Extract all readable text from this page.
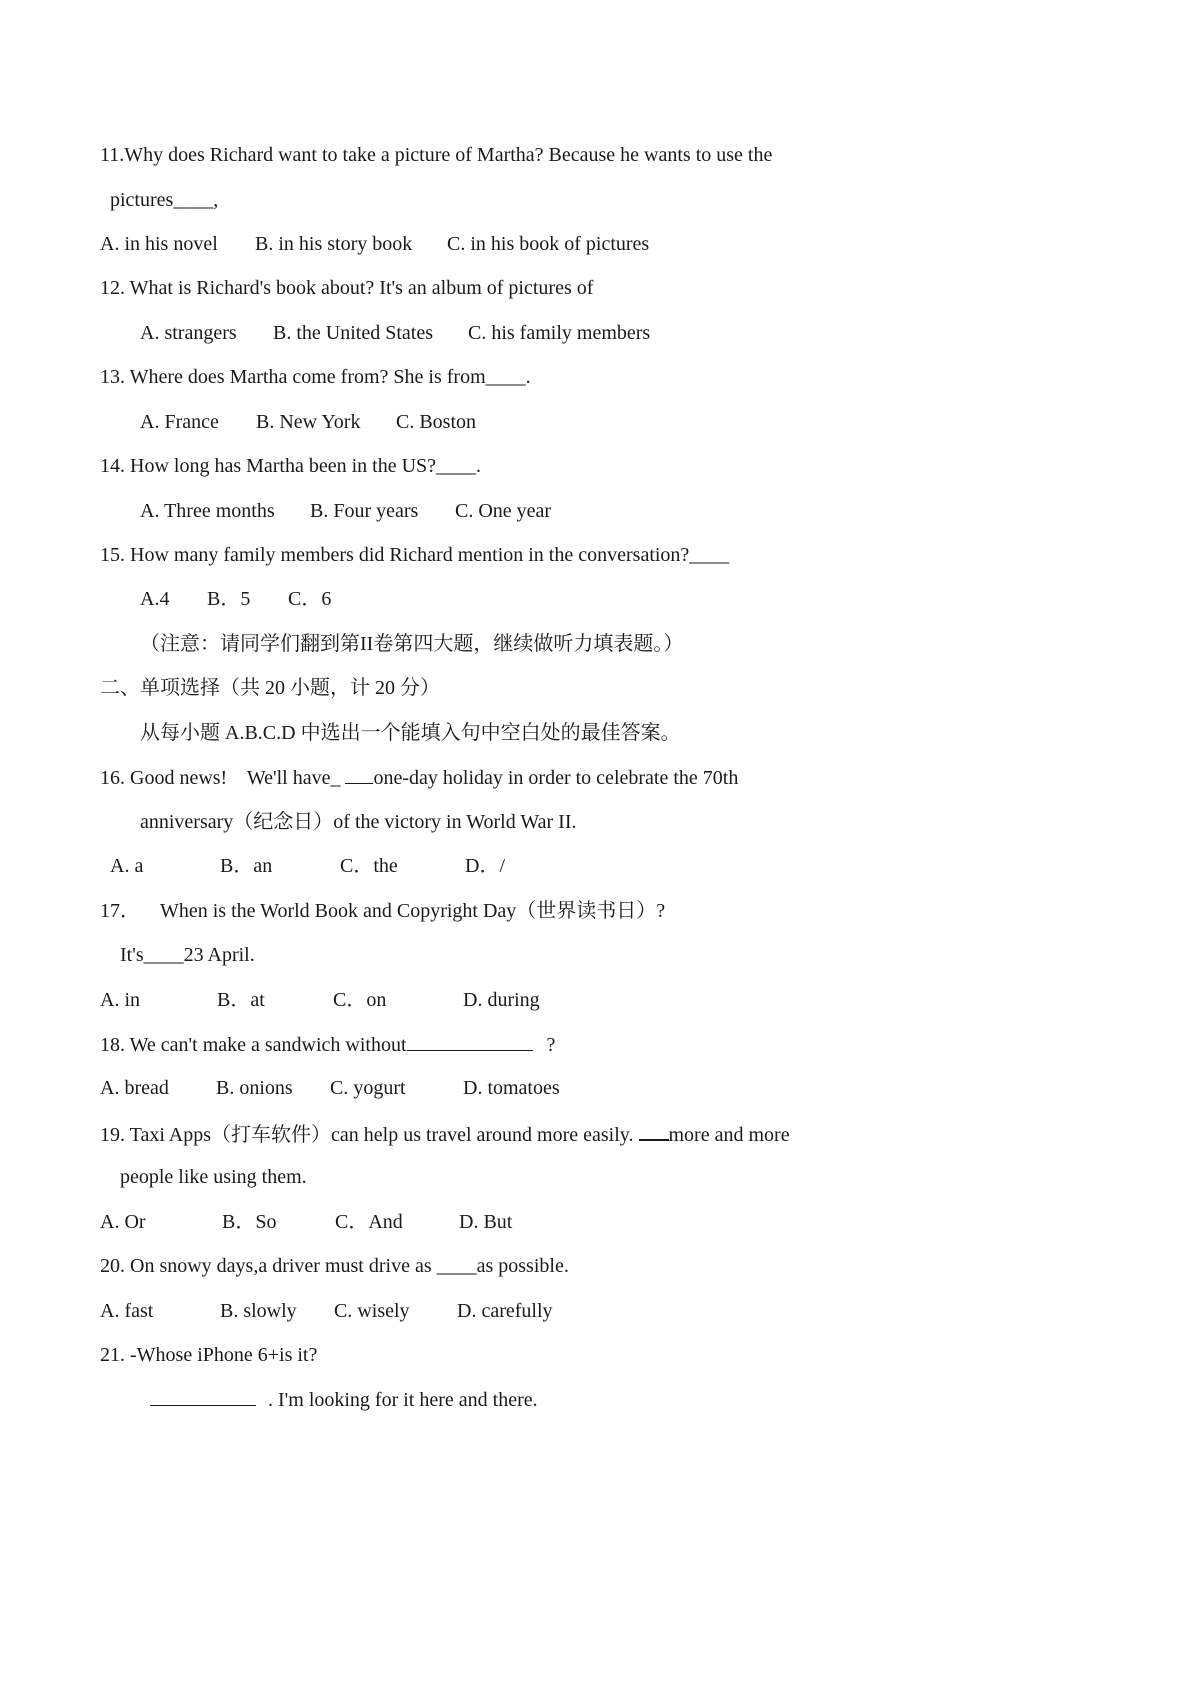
11.Why does Richard want to take a picture of Martha? Because he wants to use the
pictures____,
A. in his novel B. in his story book C. in his book of pictures
12. What is Richard's book about? It's an album of pictures of
A. strangers B. the United States C. his family members
13. Where does Martha come from? She is from____.
A. France B. New York C. Boston
14. How long has Martha been in the US?____.
A. Three months B. Four years C. One year
15. How many family members did Richard mention in the conversation?____
A.4 B．5 C．6
（注意：请同学们翻到第II卷第四大题，继续做听力填表题。）
二、单项选择（共 20 小题，计 20 分）
从每小题 A.B.C.D 中选出一个能填入句中空白处的最佳答案。
16. Good news!    We'll have_ one-day holiday in order to celebrate the 70th
anniversary（纪念日）of the victory in World War II.
A. a	B．an	C．the	D．/
17． When is the World Book and Copyright Day（世界读书日）?
It's____23 April.
A. in	B．at	C．on	D. during
18. We can't make a sandwich without	?
A. bread B. onions C. yogurt	D. tomatoes
19. Taxi Apps（打车软件）can help us travel around more easily. more and more
people like using them.
A. Or	B．So	C．And	D. But
20. On snowy days,a driver must drive as ____as possible.
A. fast	B. slowly C. wisely D. carefully
21. -Whose iPhone 6+is it?
. I'm looking for it here and there.
